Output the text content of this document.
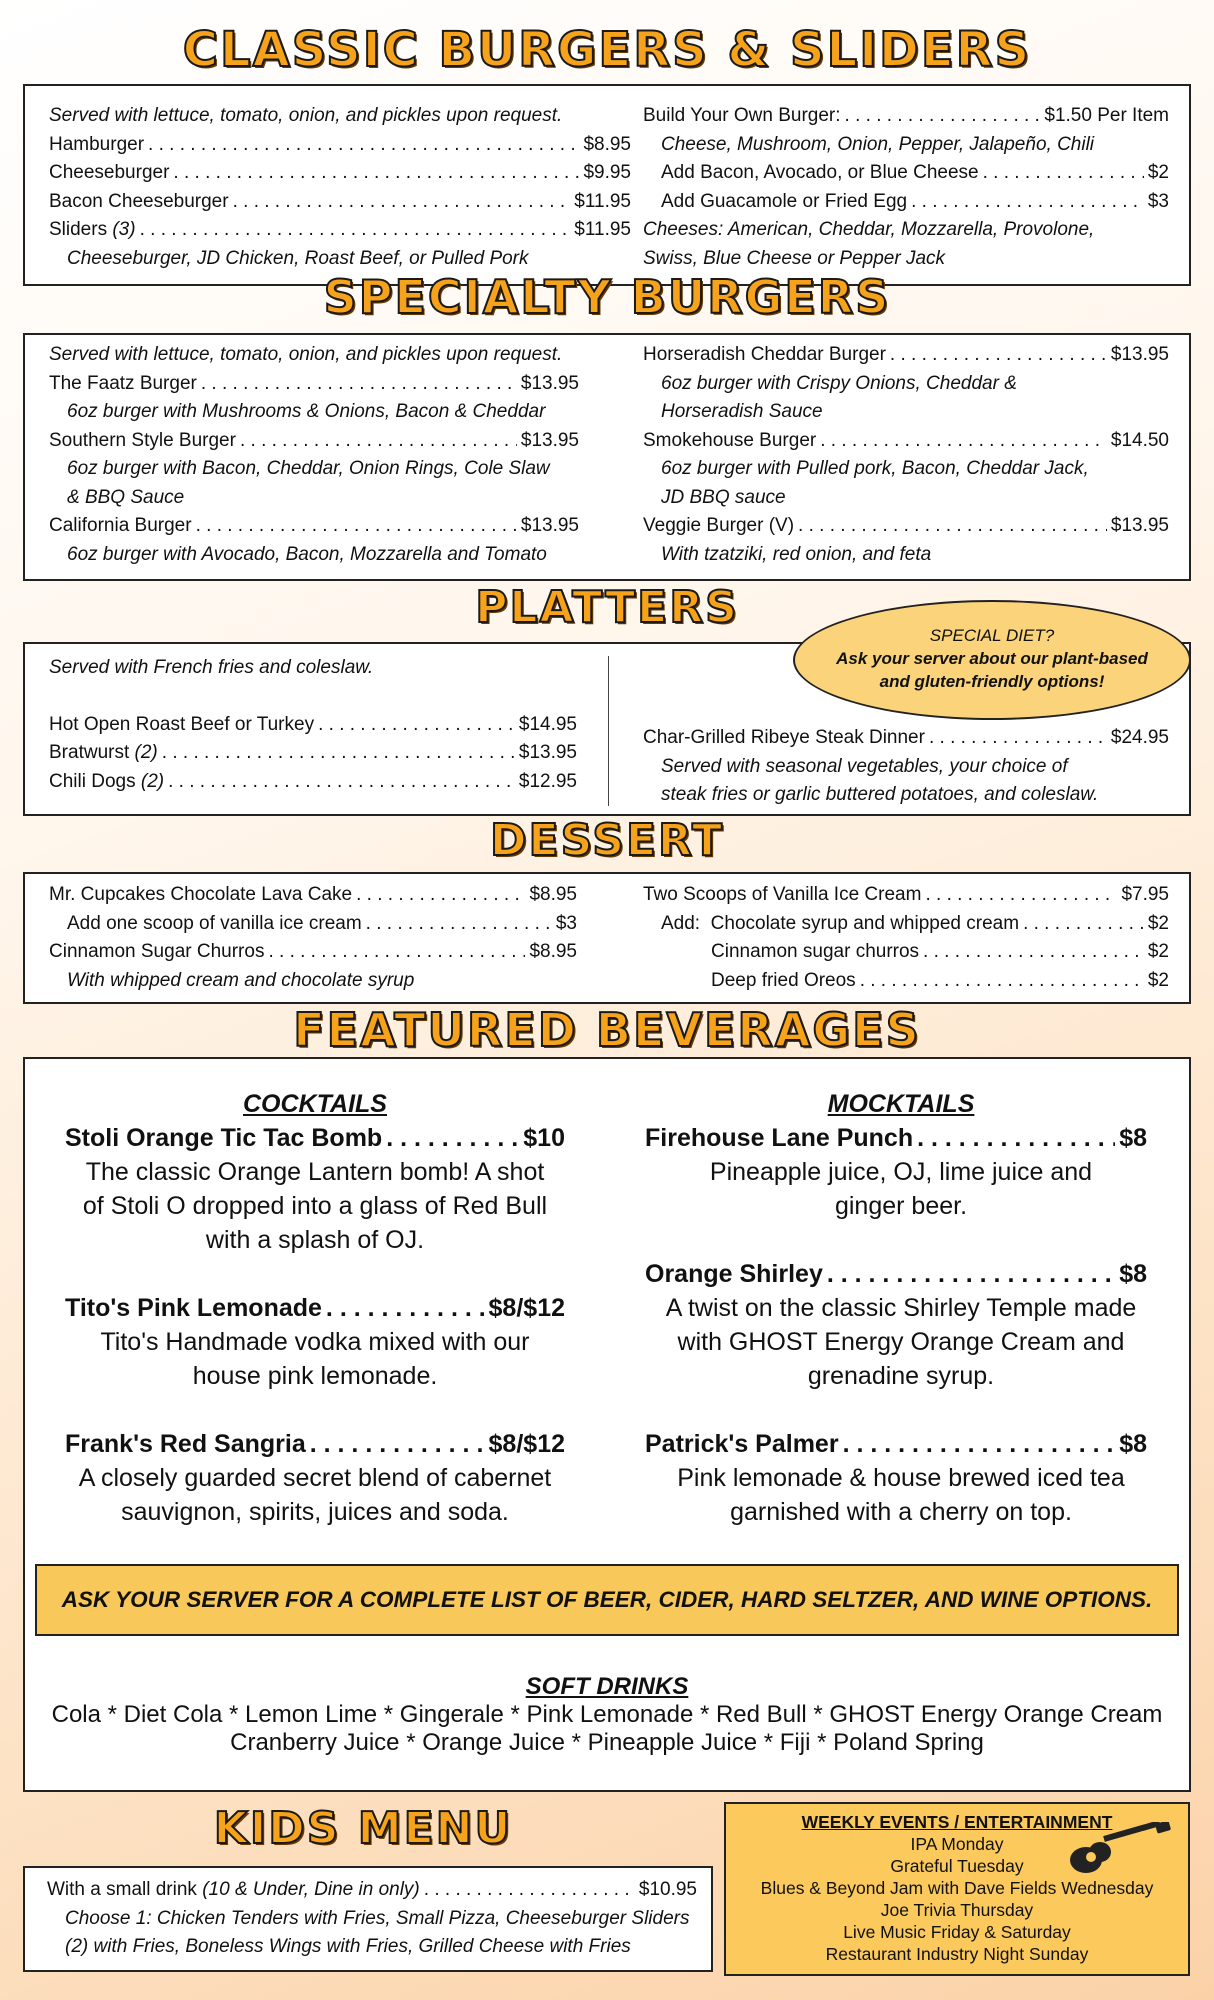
CLASSIC BURGERS & SLIDERS
Served with lettuce, tomato, onion, and pickles upon request.
Hamburger . . .	$8.95
Cheeseburger . . .	$9.95
Bacon Cheeseburger . . .	$11.95
Sliders (3) . . .	$11.95
Cheeseburger, JD Chicken, Roast Beef, or Pulled Pork
Build Your Own Burger: . . .	$1.50 Per Item
Cheese, Mushroom, Onion, Pepper, Jalapeño, Chili
Add Bacon, Avocado, or Blue Cheese . . .	$2
Add Guacamole or Fried Egg . . .	$3
Cheeses: American, Cheddar, Mozzarella, Provolone,
Swiss, Blue Cheese or Pepper Jack
SPECIALTY BURGERS
Served with lettuce, tomato, onion, and pickles upon request.
The Faatz Burger . . .	$13.95
6oz burger with Mushrooms & Onions, Bacon & Cheddar
Southern Style Burger . . .	$13.95
6oz burger with Bacon, Cheddar, Onion Rings, Cole Slaw
& BBQ Sauce
California Burger . . .	$13.95
6oz burger with Avocado, Bacon, Mozzarella and Tomato
Horseradish Cheddar Burger . . .	$13.95
6oz burger with Crispy Onions, Cheddar &
Horseradish Sauce
Smokehouse Burger . . .	$14.50
6oz burger with Pulled pork, Bacon, Cheddar Jack,
JD BBQ sauce
Veggie Burger (V) . . .	$13.95
With tzatziki, red onion, and feta
PLATTERS
Served with French fries and coleslaw.
Hot Open Roast Beef or Turkey . . .	$14.95
Bratwurst (2) . . .	$13.95
Chili Dogs (2) . . .	$12.95
Char-Grilled Ribeye Steak Dinner . . .	$24.95
Served with seasonal vegetables, your choice of
steak fries or garlic buttered potatoes, and coleslaw.
SPECIAL DIET?
Ask your server about our plant-based
and gluten-friendly options!
DESSERT
Mr. Cupcakes Chocolate Lava Cake . . .	$8.95
Add one scoop of vanilla ice cream . . .	$3
Cinnamon Sugar Churros . . .	$8.95
With whipped cream and chocolate syrup
Two Scoops of Vanilla Ice Cream . . .	$7.95
Add: Chocolate syrup and whipped cream . . .	$2
Cinnamon sugar churros . . .	$2
Deep fried Oreos . . .	$2
FEATURED BEVERAGES
COCKTAILS
Stoli Orange Tic Tac Bomb . . .	$10
The classic Orange Lantern bomb! A shot
of Stoli O dropped into a glass of Red Bull
with a splash of OJ.
Tito's Pink Lemonade . . .	$8/$12
Tito's Handmade vodka mixed with our
house pink lemonade.
Frank's Red Sangria . . .	$8/$12
A closely guarded secret blend of cabernet
sauvignon, spirits, juices and soda.
MOCKTAILS
Firehouse Lane Punch . . .	$8
Pineapple juice, OJ, lime juice and
ginger beer.
Orange Shirley . . .	$8
A twist on the classic Shirley Temple made
with GHOST Energy Orange Cream and
grenadine syrup.
Patrick's Palmer . . .	$8
Pink lemonade & house brewed iced tea
garnished with a cherry on top.
ASK YOUR SERVER FOR A COMPLETE LIST OF BEER, CIDER, HARD SELTZER, AND WINE OPTIONS.
SOFT DRINKS
Cola * Diet Cola * Lemon Lime * Gingerale * Pink Lemonade * Red Bull * GHOST Energy Orange Cream
Cranberry Juice * Orange Juice * Pineapple Juice * Fiji * Poland Spring
KIDS MENU
With a small drink (10 & Under, Dine in only) . . .	$10.95
Choose 1: Chicken Tenders with Fries, Small Pizza, Cheeseburger Sliders
(2) with Fries, Boneless Wings with Fries, Grilled Cheese with Fries
WEEKLY EVENTS / ENTERTAINMENT
IPA Monday
Grateful Tuesday
Blues & Beyond Jam with Dave Fields Wednesday
Joe Trivia Thursday
Live Music Friday & Saturday
Restaurant Industry Night Sunday
